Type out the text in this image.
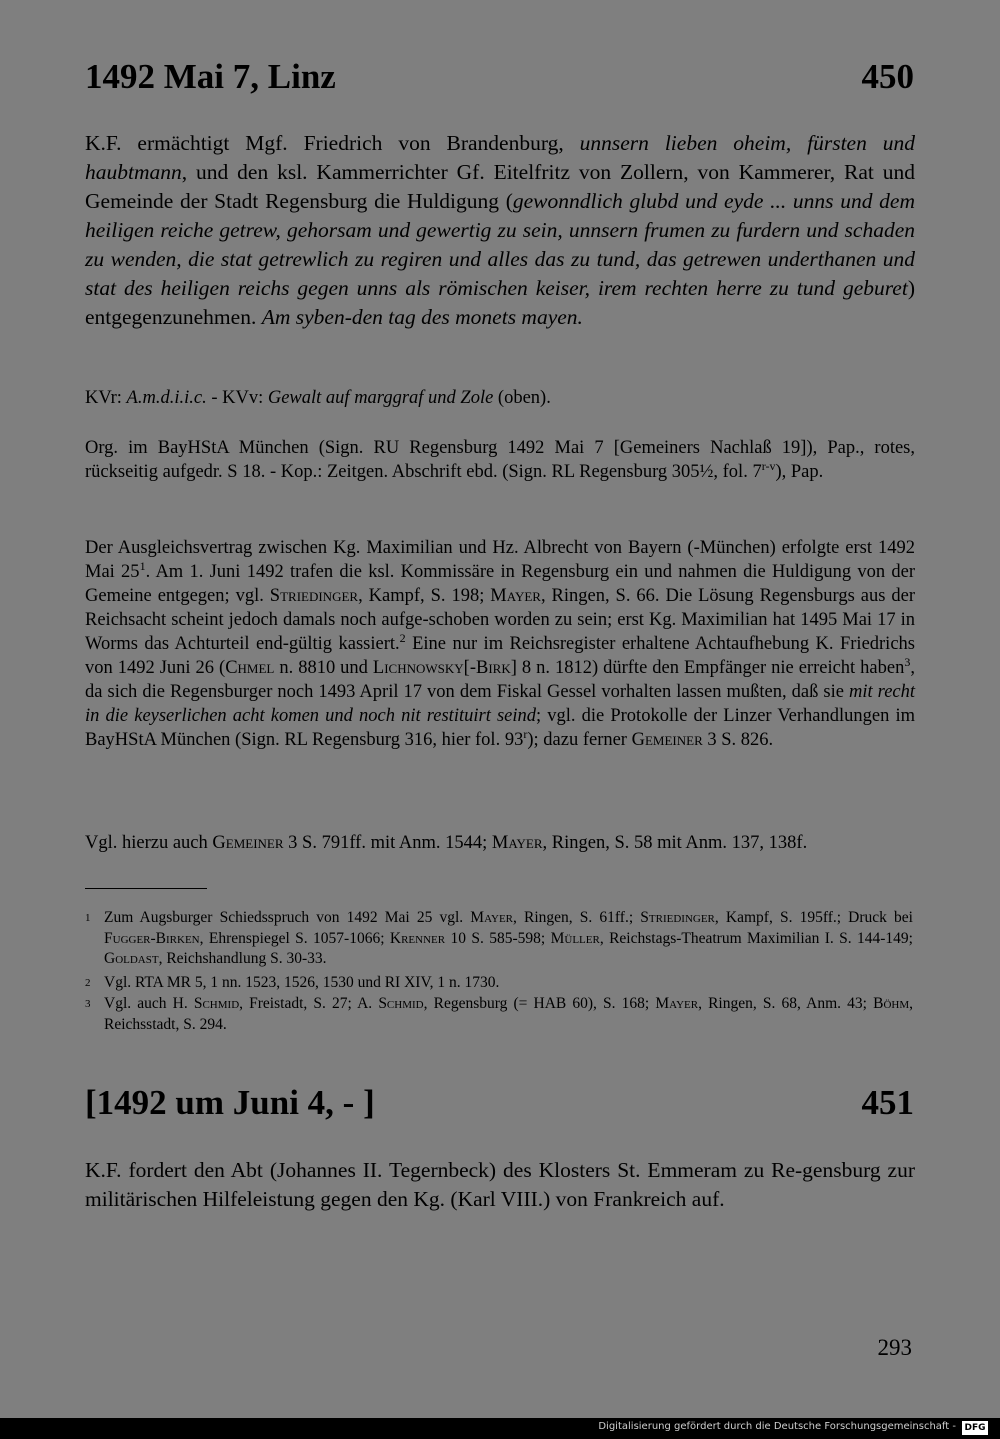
1492 Mai 7, Linz	450

K.F. ermächtigt Mgf. Friedrich von Brandenburg, unnsern lieben oheim, fürsten und haubtmann, und den ksl. Kammerrichter Gf. Eitelfritz von Zollern, von Kammerer, Rat und Gemeinde der Stadt Regensburg die Huldigung (gewonndlich glubd und eyde ... unns und dem heiligen reiche getrew, gehorsam und gewertig zu sein, unnsern frumen zu furdern und schaden zu wenden, die stat getrewlich zu regiren und alles das zu tund, das getrewen underthanen und stat des heiligen reichs gegen unns als römischen keiser, irem rechten herre zu tund geburet) entgegenzunehmen. Am syben-den tag des monets mayen.

KVr: A.m.d.i.i.c. - KVv: Gewalt auf marggraf und Zole (oben).

Org. im BayHStA München (Sign. RU Regensburg 1492 Mai 7 [Gemeiners Nachlaß 19]), Pap., rotes, rückseitig aufgedr. S 18. - Kop.: Zeitgen. Abschrift ebd. (Sign. RL Regensburg 305½, fol. 7$^{r-v}$), Pap.

Der Ausgleichsvertrag zwischen Kg. Maximilian und Hz. Albrecht von Bayern (-München) erfolgte erst 1492 Mai $25^1$. Am 1. Juni 1492 trafen die ksl. Kommissäre in Regensburg ein und nahmen die Huldigung von der Gemeine entgegen; vgl. Striedinger, Kampf, S. 198; Mayer, Ringen, S. 66. Die Lösung Regensburgs aus der Reichsacht scheint jedoch damals noch aufge-schoben worden zu sein; erst Kg. Maximilian hat 1495 Mai 17 in Worms das Achturteil end-gültig kassiert.$^2$ Eine nur im Reichsregister erhaltene Achtaufhebung K. Friedrichs von 1492 Juni 26 (Chmel n. 8810 und Lichnowsky[-Birk] 8 n. 1812) dürfte den Empfänger nie erreicht haben$^3$, da sich die Regensburger noch 1493 April 17 von dem Fiskal Gessel vorhalten lassen mußten, daß sie mit recht in die keyserlichen acht komen und noch nit restituirt seind; vgl. die Protokolle der Linzer Verhandlungen im BayHStA München (Sign. RL Regensburg 316, hier fol. 93$^r$); dazu ferner Gemeiner 3 S. 826.

Vgl. hierzu auch Gemeiner 3 S. 791ff. mit Anm. 1544; Mayer, Ringen, S. 58 mit Anm. 137, 138f.

1 Zum Augsburger Schiedsspruch von 1492 Mai 25 vgl. Mayer, Ringen, S. 61ff.; Striedinger, Kampf, S. 195ff.; Druck bei Fugger-Birken, Ehrenspiegel S. 1057-1066; Krenner 10 S. 585-598; Müller, Reichstags-Theatrum Maximilian I. S. 144-149; Goldast, Reichshandlung S. 30-33.
2 Vgl. RTA MR 5, 1 nn. 1523, 1526, 1530 und RI XIV, 1 n. 1730.
3 Vgl. auch H. Schmid, Freistadt, S. 27; A. Schmid, Regensburg (= HAB 60), S. 168; Mayer, Ringen, S. 68, Anm. 43; Böhm, Reichsstadt, S. 294.
[1492 um Juni 4, - ]	451

K.F. fordert den Abt (Johannes II. Tegernbeck) des Klosters St. Emmeram zu Re-gensburg zur militärischen Hilfeleistung gegen den Kg. (Karl VIII.) von Frankreich auf.

293
Digitalisierung gefördert durch die Deutsche Forschungsgemeinschaft - DFG
